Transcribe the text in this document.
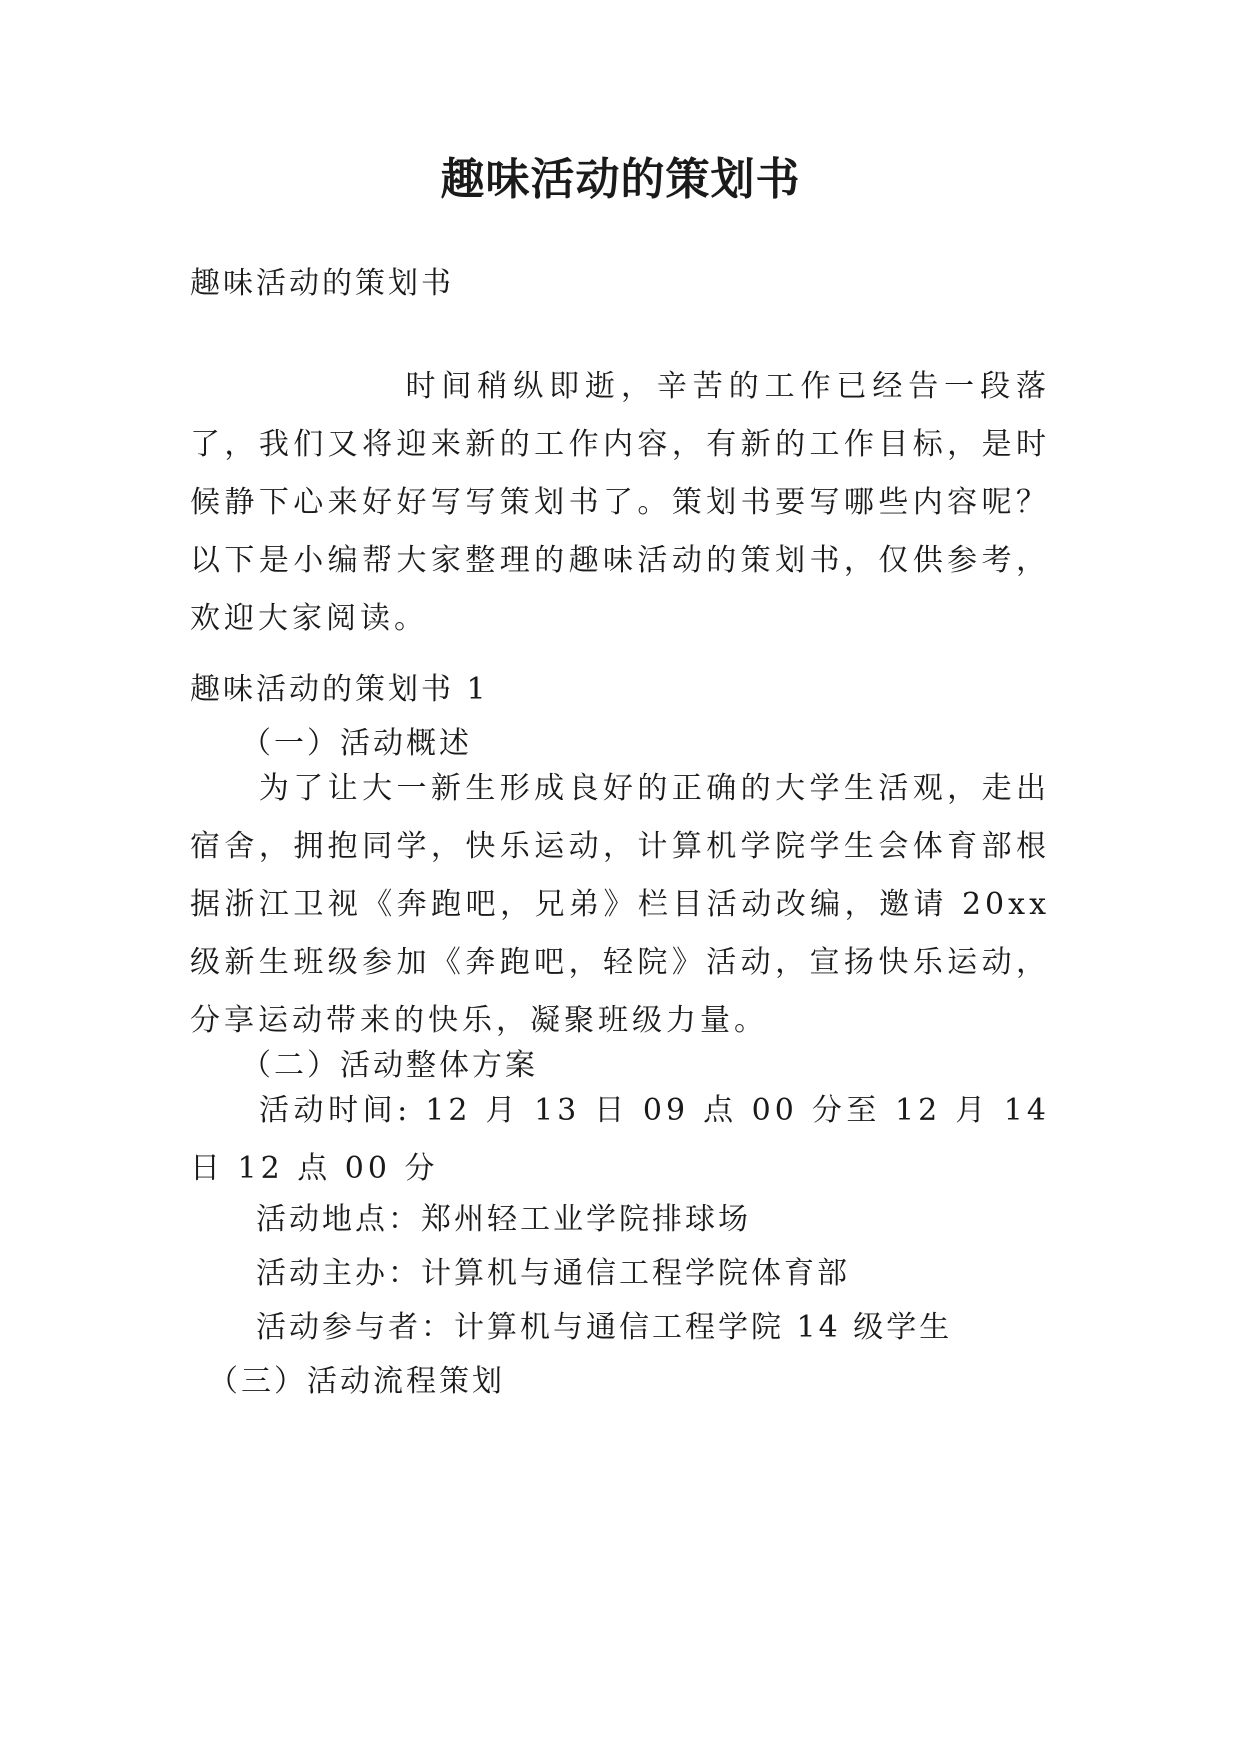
趣味活动的策划书
趣味活动的策划书
　　　　　　时间稍纵即逝，辛苦的工作已经告一段落了，我们又将迎来新的工作内容，有新的工作目标，是时候静下心来好好写写策划书了。策划书要写哪些内容呢？以下是小编帮大家整理的趣味活动的策划书，仅供参考，欢迎大家阅读。
趣味活动的策划书 1
　　（一）活动概述
　　为了让大一新生形成良好的正确的大学生活观，走出宿舍，拥抱同学，快乐运动，计算机学院学生会体育部根据浙江卫视《奔跑吧，兄弟》栏目活动改编，邀请 20xx 级新生班级参加《奔跑吧，轻院》活动，宣扬快乐运动，分享运动带来的快乐，凝聚班级力量。
　　（二）活动整体方案
　　活动时间: 12 月 13 日 09 点 00 分至 12 月 14 日 12 点 00 分
　　活动地点：郑州轻工业学院排球场
　　活动主办：计算机与通信工程学院体育部
　　活动参与者：计算机与通信工程学院 14 级学生
　（三）活动流程策划
